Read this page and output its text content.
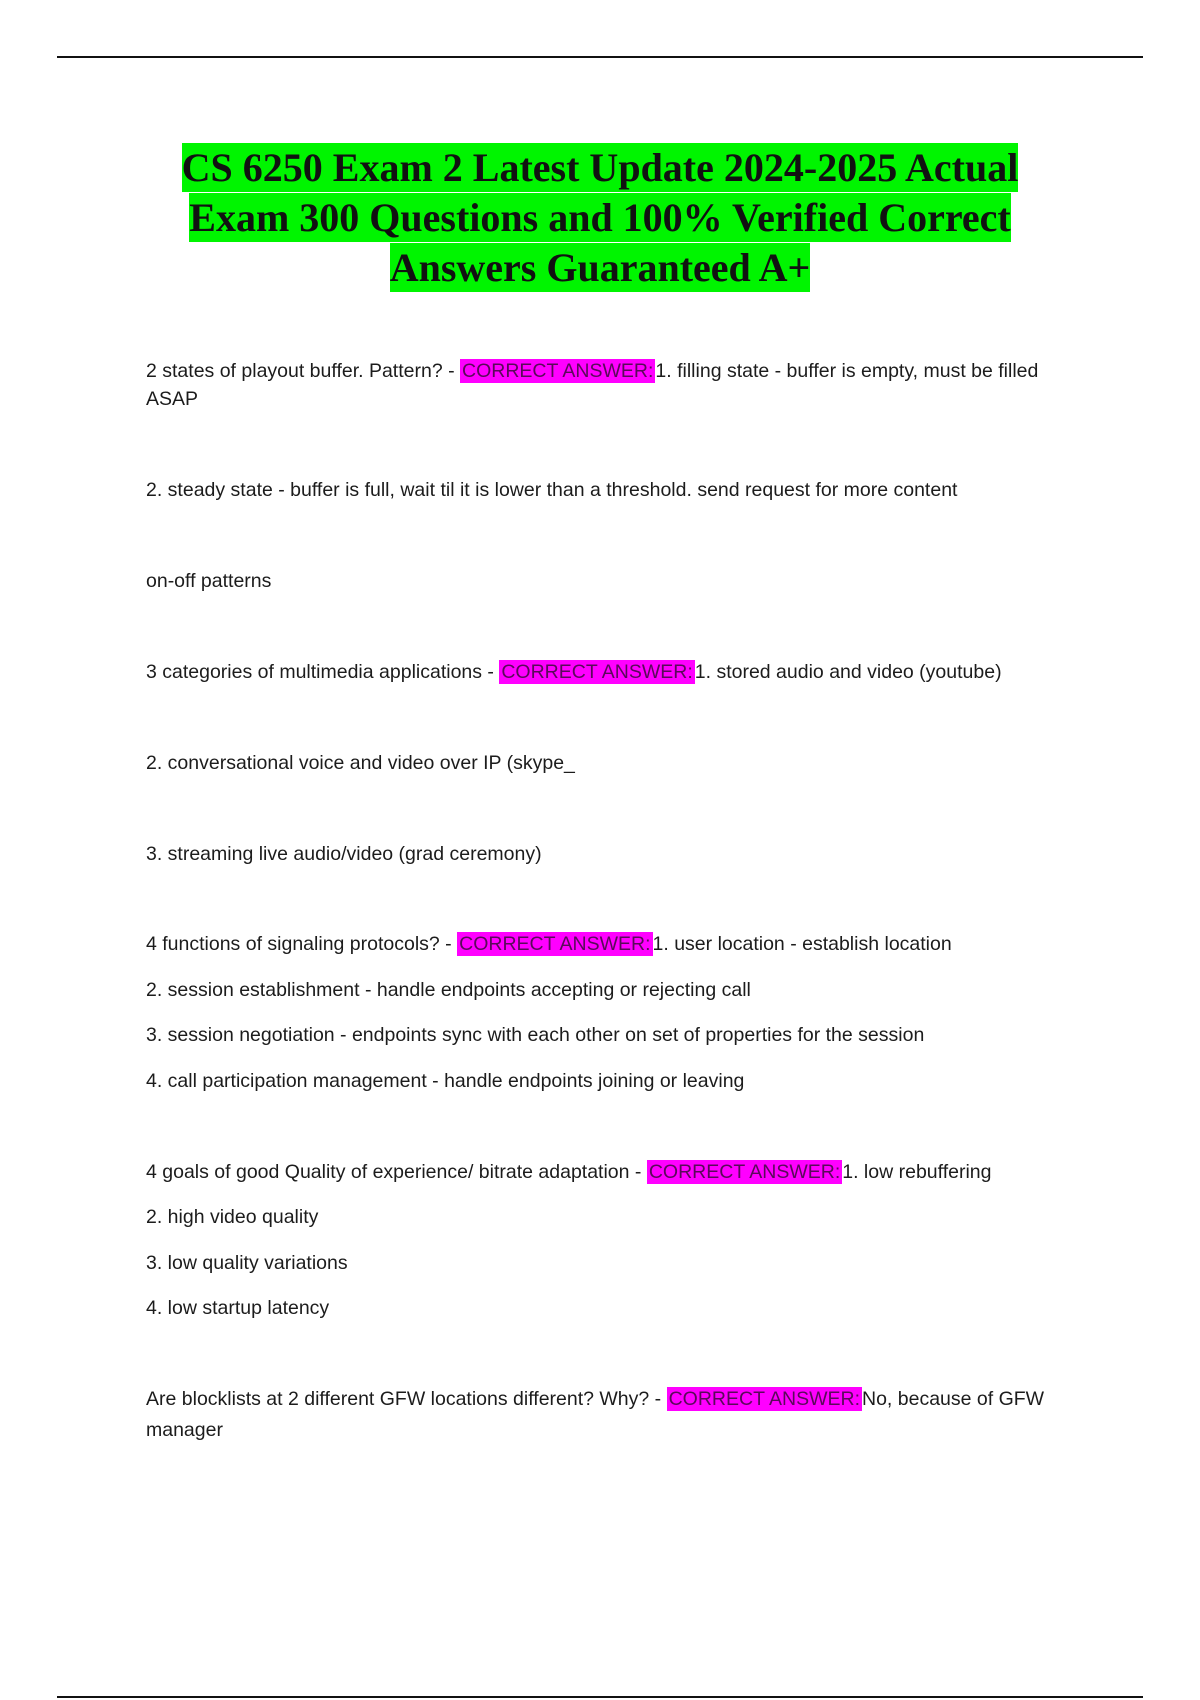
CS 6250 Exam 2 Latest Update 2024-2025 Actual
Exam 300 Questions and 100% Verified Correct
Answers Guaranteed A+
2 states of playout buffer. Pattern? - CORRECT ANSWER: 1. filling state - buffer is empty, must be filled
ASAP
2. steady state - buffer is full, wait til it is lower than a threshold. send request for more content
on-off patterns
3 categories of multimedia applications - CORRECT ANSWER: 1. stored audio and video (youtube)
2. conversational voice and video over IP (skype_
3. streaming live audio/video (grad ceremony)
4 functions of signaling protocols? - CORRECT ANSWER: 1. user location - establish location
2. session establishment - handle endpoints accepting or rejecting call
3. session negotiation - endpoints sync with each other on set of properties for the session
4. call participation management - handle endpoints joining or leaving
4 goals of good Quality of experience/ bitrate adaptation - CORRECT ANSWER: 1. low rebuffering
2. high video quality
3. low quality variations
4. low startup latency
Are blocklists at 2 different GFW locations different? Why? - CORRECT ANSWER: No, because of GFW
manager
